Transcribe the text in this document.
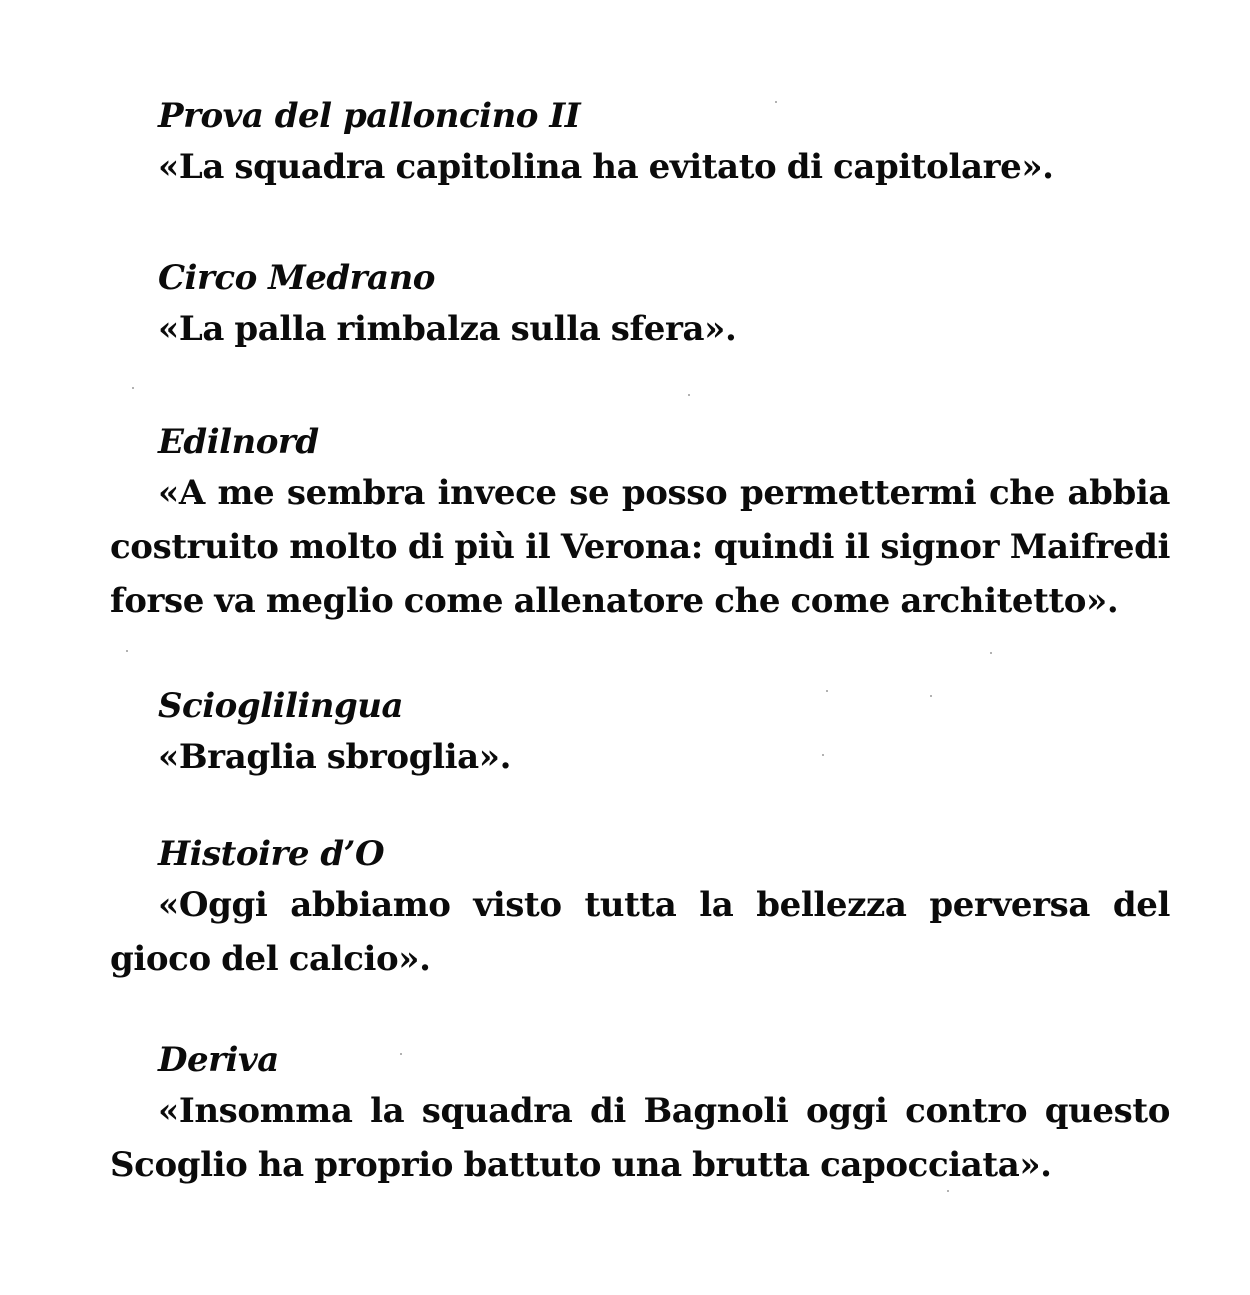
Prova del palloncino II

«La squadra capitolina ha evitato di capitolare».

Circo Medrano

«La palla rimbalza sulla sfera».

Edilnord

«A me sembra invece se posso permettermi che abbia costruito molto di più il Verona: quindi il signor Maifredi forse va meglio come allenatore che come architetto».

Scioglilingua

«Braglia sbroglia».

Histoire d’O

«Oggi abbiamo visto tutta la bellezza perversa del gioco del calcio».

Deriva

«Insomma la squadra di Bagnoli oggi contro questo Scoglio ha proprio battuto una brutta capocciata».
